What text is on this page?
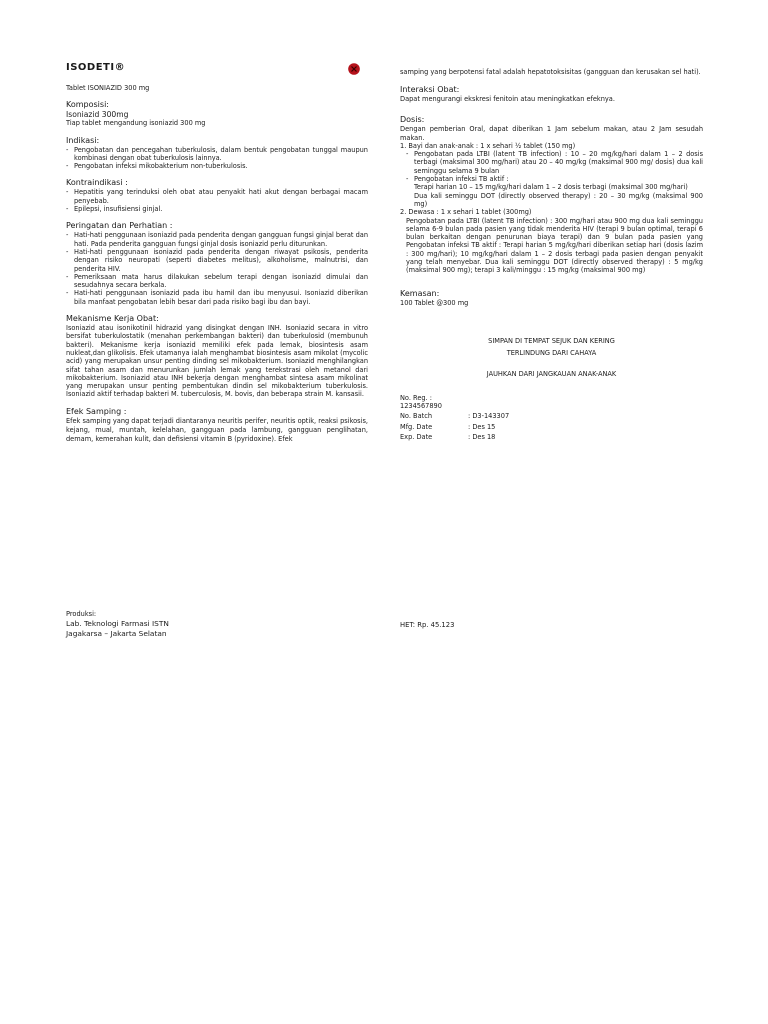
ISODETI®
Tablet ISONIAZID 300 mg
Komposisi:
Isoniazid 300mg
Tiap tablet mengandung isoniazid 300 mg
Indikasi:
- Pengobatan dan pencegahan tuberkulosis, dalam bentuk pengobatan tunggal maupun kombinasi dengan obat tuberkulosis lainnya.
- Pengobatan infeksi mikobakterium non-tuberkulosis.
Kontraindikasi :
- Hepatitis yang terinduksi oleh obat atau penyakit hati akut dengan berbagai macam penyebab.
- Epilepsi, insufisiensi ginjal.
Peringatan dan Perhatian :
- Hati-hati penggunaan isoniazid pada penderita dengan gangguan fungsi ginjal berat dan hati. Pada penderita gangguan fungsi ginjal dosis isoniazid perlu diturunkan.
- Hati-hati penggunaan isoniazid pada penderita dengan riwayat psikosis, penderita dengan risiko neuropati (seperti diabetes melitus), alkoholisme, malnutrisi, dan penderita HIV.
- Pemeriksaan mata harus dilakukan sebelum terapi dengan isoniazid dimulai dan sesudahnya secara berkala.
- Hati-hati penggunaan isoniazid pada ibu hamil dan ibu menyusui. Isoniazid diberikan bila manfaat pengobatan lebih besar dari pada risiko bagi ibu dan bayi.
Mekanisme Kerja Obat:
Isoniazid atau isonikotinil hidrazid yang disingkat dengan INH. Isoniazid secara in vitro bersifat tuberkulostatik (menahan perkembangan bakteri) dan tuberkulosid (membunuh bakteri). Mekanisme kerja isoniazid memiliki efek pada lemak, biosintesis asam nukleat,dan glikolisis. Efek utamanya ialah menghambat biosintesis asam mikolat (mycolic acid) yang merupakan unsur penting dinding sel mikobakterium. Isoniazid menghilangkan sifat tahan asam dan menurunkan jumlah lemak yang terekstrasi oleh metanol dari mikobakterium. Isoniazid atau INH bekerja dengan menghambat sintesa asam mikolinat yang merupakan unsur penting pembentukan dindin sel mikobakterium tuberkulosis. Isoniazid aktif terhadap bakteri M. tuberculosis, M. bovis, dan beberapa strain M. kansasii.
Efek Samping :
Efek samping yang dapat terjadi diantaranya neuritis perifer, neuritis optik, reaksi psikosis, kejang, mual, muntah, kelelahan, gangguan pada lambung, gangguan penglihatan, demam, kemerahan kulit, dan defisiensi vitamin B (pyridoxine). Efek
samping yang berpotensi fatal adalah hepatotoksisitas (gangguan dan kerusakan sel hati).
Interaksi Obat:
Dapat mengurangi ekskresi fenitoin atau meningkatkan efeknya.
Dosis:
Dengan pemberian Oral, dapat diberikan 1 Jam sebelum makan, atau 2 Jam sesudah makan.
1. Bayi dan anak-anak : 1 x sehari ½ tablet (150 mg)
- Pengobatan pada LTBI (latent TB infection) : 10 – 20 mg/kg/hari dalam 1 – 2 dosis terbagi (maksimal 300 mg/hari) atau 20 – 40 mg/kg (maksimal 900 mg/ dosis) dua kali seminggu selama 9 bulan
- Pengobatan infeksi TB aktif :
Terapi harian 10 – 15 mg/kg/hari dalam 1 – 2 dosis terbagi (maksimal 300 mg/hari)
Dua kali seminggu DOT (directly observed therapy) : 20 – 30 mg/kg (maksimal 900 mg)
2. Dewasa : 1 x sehari 1 tablet (300mg)
Pengobatan pada LTBI (latent TB infection) : 300 mg/hari atau 900 mg dua kali seminggu selama 6-9 bulan pada pasien yang tidak menderita HIV (terapi 9 bulan optimal, terapi 6 bulan berkaitan dengan penurunan biaya terapi) dan 9 bulan pada pasien yang Pengobatan infeksi TB aktif : Terapi harian 5 mg/kg/hari diberikan setiap hari (dosis lazim : 300 mg/hari); 10 mg/kg/hari dalam 1 – 2 dosis terbagi pada pasien dengan penyakit yang telah menyebar. Dua kali seminggu DOT (directly observed therapy) : 5 mg/kg (maksimal 900 mg); terapi 3 kali/minggu : 15 mg/kg (maksimal 900 mg)
Kemasan:
100 Tablet @300 mg
SIMPAN DI TEMPAT SEJUK DAN KERING
TERLINDUNG DARI CAHAYA
JAUHKAN DARI JANGKAUAN ANAK-ANAK
No. Reg. : 1234567890
No. Batch	: D3-143307
Mfg. Date	: Des 15
Exp. Date	: Des 18
Produksi:
Lab. Teknologi Farmasi ISTN
Jagakarsa – Jakarta Selatan
HET: Rp. 45.123
